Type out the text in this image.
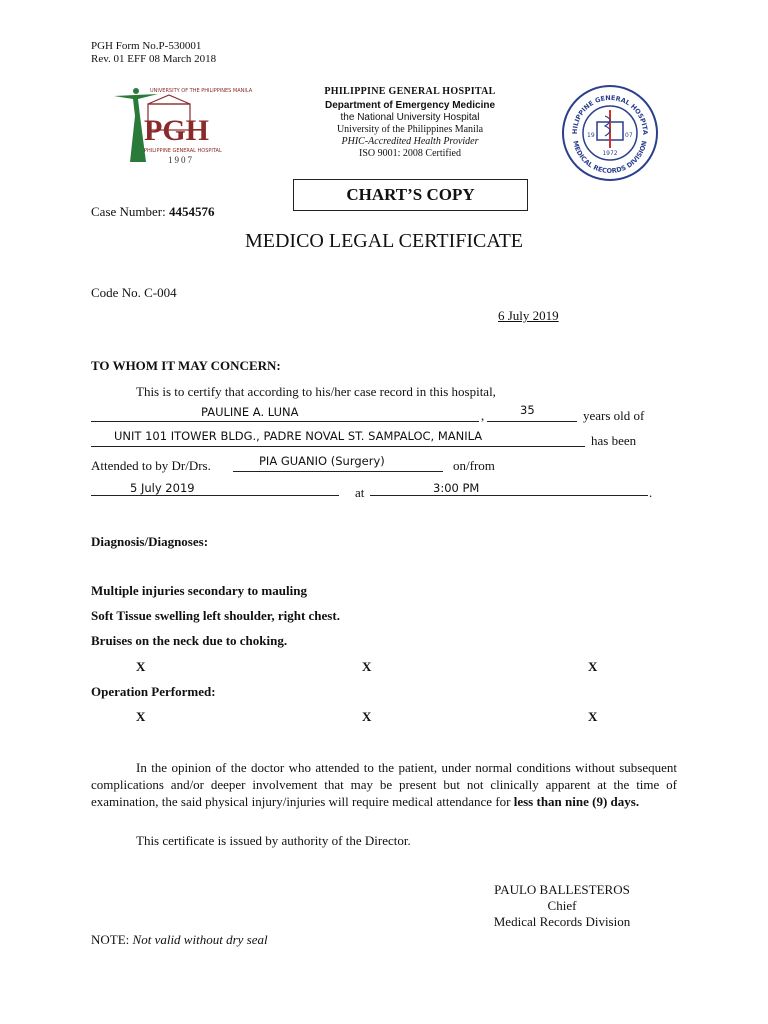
PGH Form No.P-530001
Rev. 01 EFF 08 March 2018
UNIVERSITY OF THE PHILIPPINES MANILA
PGH
PHILIPPINE GENERAL HOSPITAL
1907
PHILIPPINE GENERAL HOSPITAL
Department of Emergency Medicine
the National University Hospital
University of the Philippines Manila
PHIC-Accredited Health Provider
ISO 9001: 2008 Certified
HILIPPINE GENERAL HOSPITA
MEDICAL RECORDS DIVISION
19	07
1972
CHART’S COPY
Case Number: 4454576
MEDICO LEGAL CERTIFICATE
Code No. C-004
6 July 2019
TO WHOM IT MAY CONCERN:
This is to certify that according to his/her case record in this hospital,
PAULINE A. LUNA	,	35	years old of
UNIT 101 ITOWER BLDG., PADRE NOVAL ST. SAMPALOC, MANILA	has been
Attended to by Dr/Drs.	PIA GUANIO (Surgery)	on/from
5 July 2019	at	3:00 PM	.
Diagnosis/Diagnoses:
Multiple injuries secondary to mauling
Soft Tissue swelling left shoulder, right chest.
Bruises on the neck due to choking.
X	X	X
Operation Performed:
X	X	X
In the opinion of the doctor who attended to the patient, under normal conditions without subsequent complications and/or deeper involvement that may be present but not clinically apparent at the time of examination, the said physical injury/injuries will require medical attendance for less than nine (9) days.
This certificate is issued by authority of the Director.
PAULO BALLESTEROS
Chief
Medical Records Division
NOTE: Not valid without dry seal
